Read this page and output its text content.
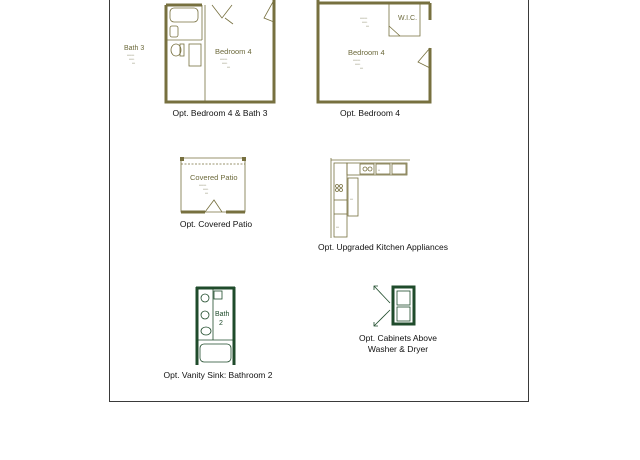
Bath 3
•••••••
•••••
•••
Bedroom 4
•••••••
•••••
•••
W.I.C.
•••••••
•••••
•••
Bedroom 4
•••••••
•••••
•••
Covered Patio
•••••••
•••••
•••
•••
•••
••
Bath
2
Opt. Bedroom 4 & Bath 3	Opt. Bedroom 4
Opt. Covered Patio
Opt. Upgraded Kitchen Appliances
Opt. Vanity Sink: Bathroom 2
Opt. Cabinets Above
Washer & Dryer
